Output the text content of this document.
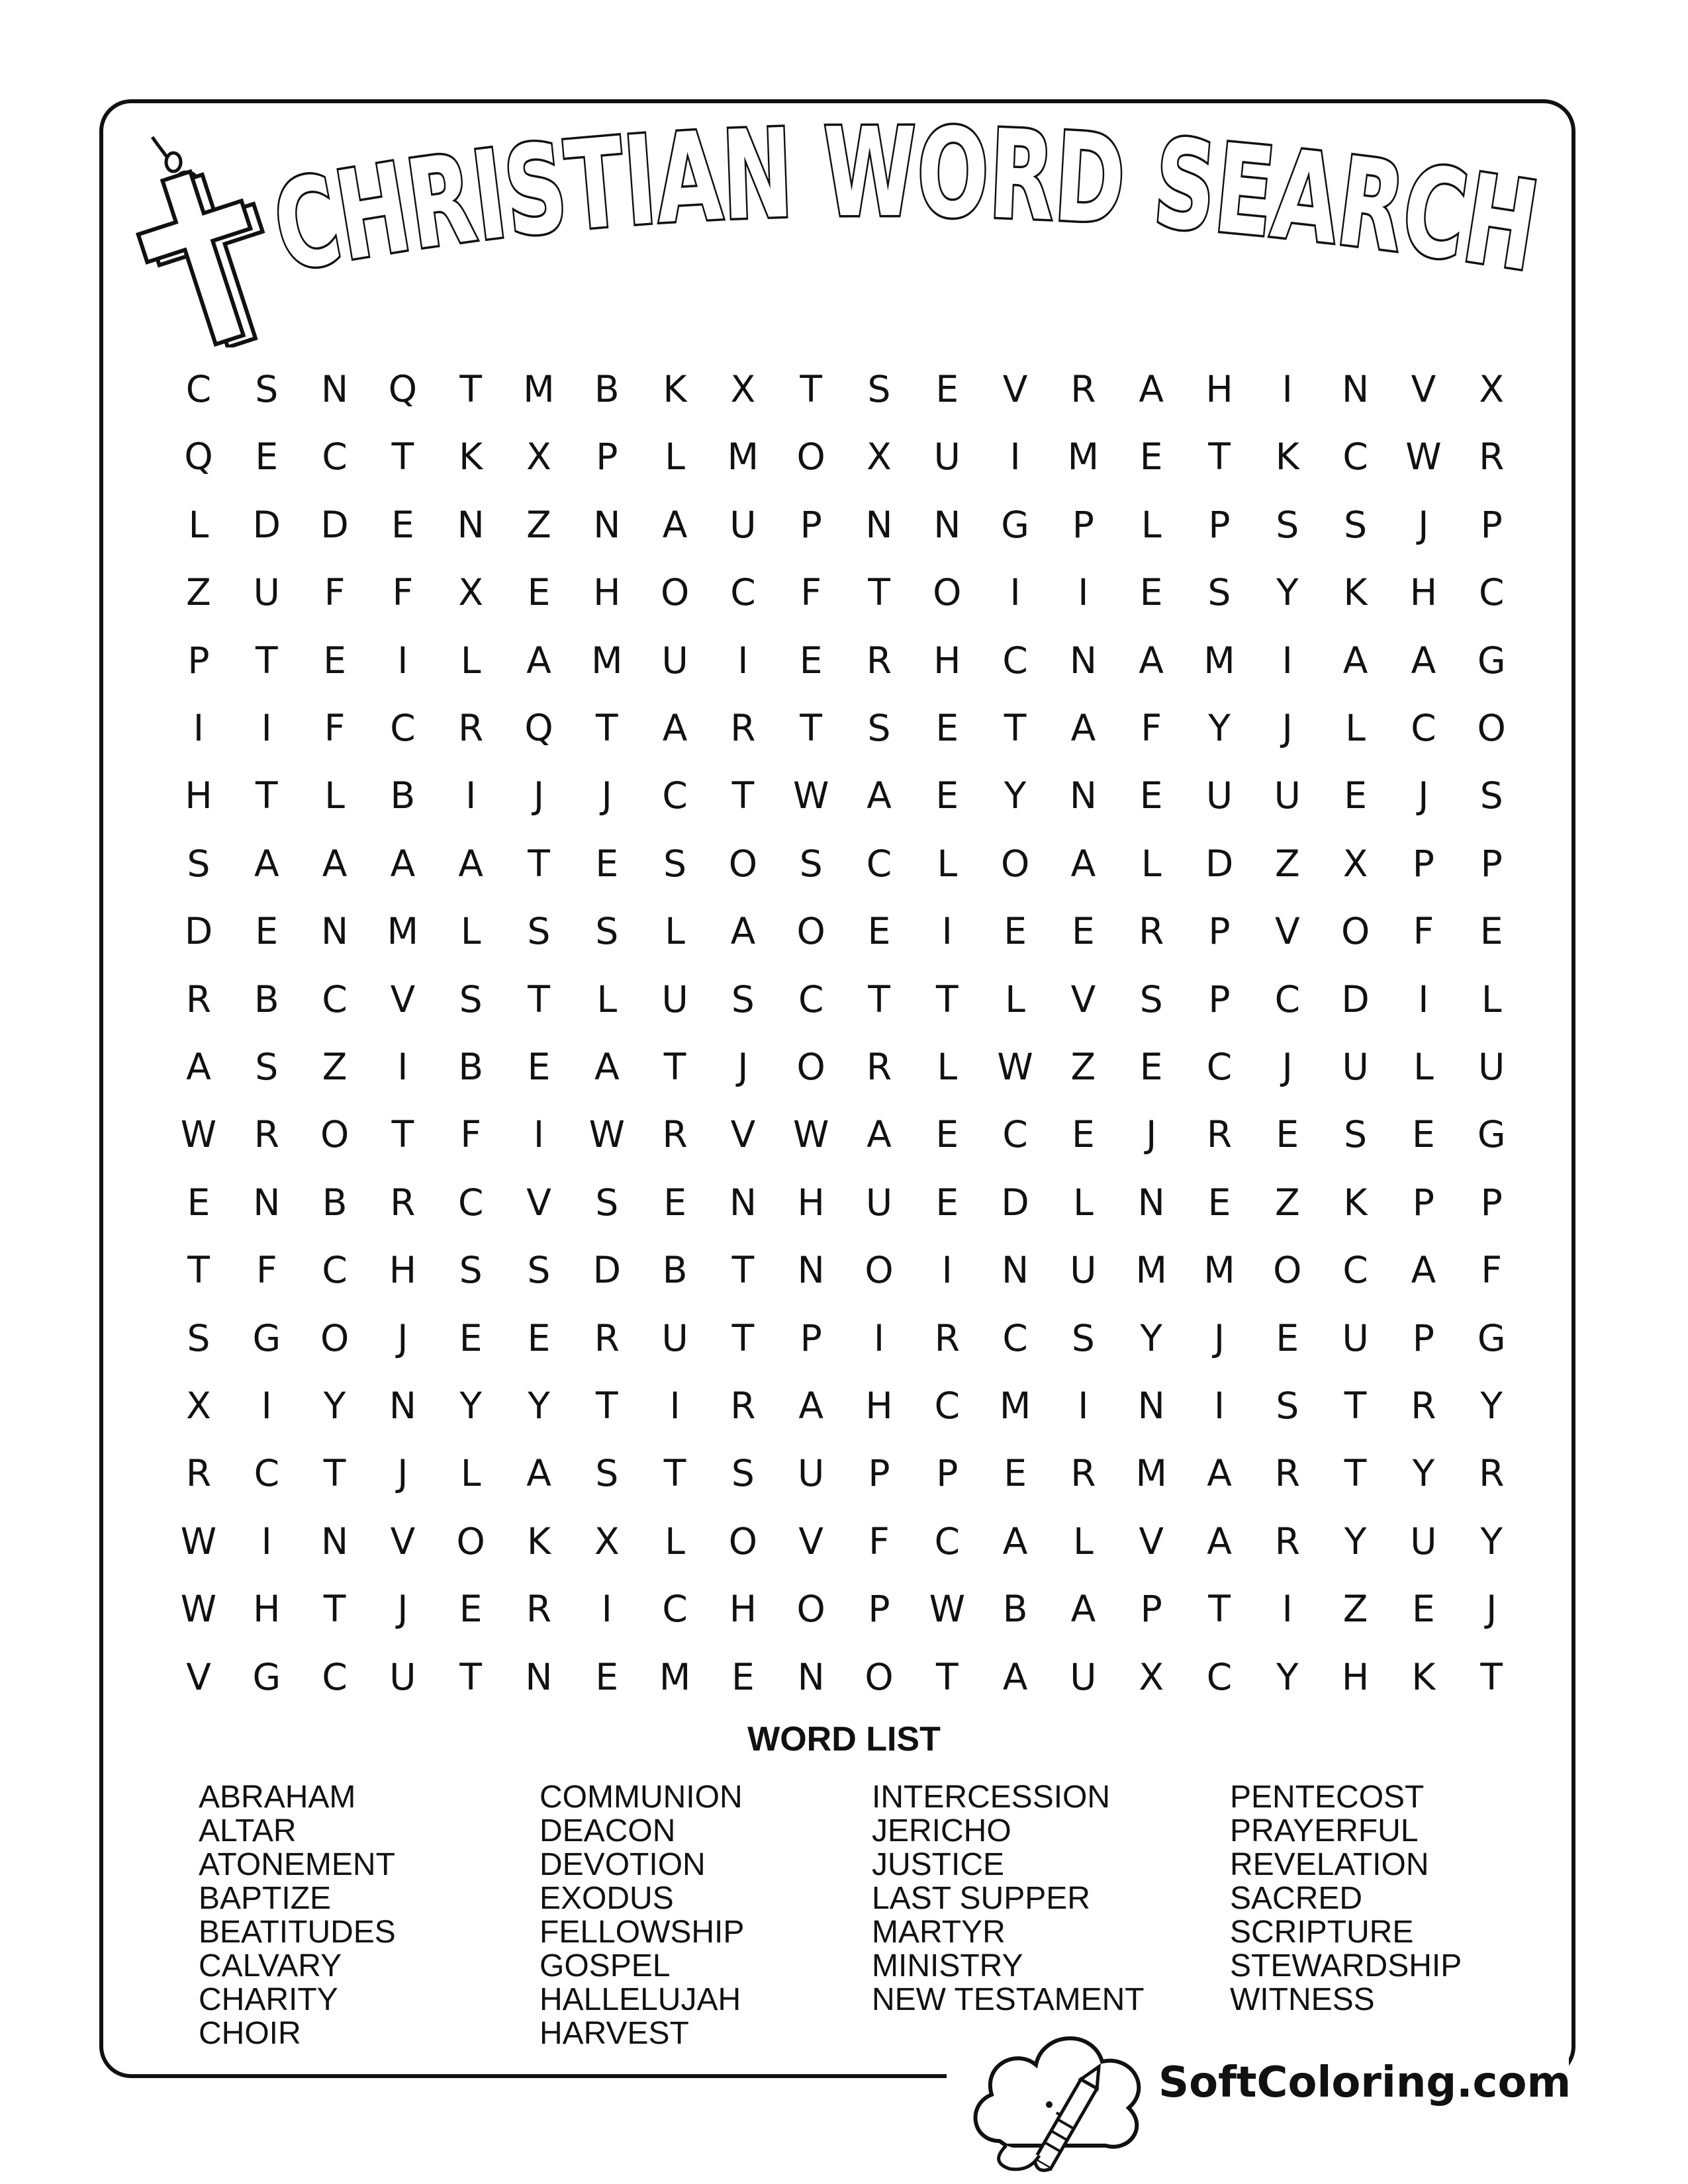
CHRISTIAN WORD SEARCH
C	S	N	Q	T	M	B	K	X	T	S	E	V	R	A	H	I	N	V	X
Q	E	C	T	K	X	P	L	M	O	X	U	I	M	E	T	K	C	W	R
L	D	D	E	N	Z	N	A	U	P	N	N	G	P	L	P	S	S	J	P
Z	U	F	F	X	E	H	O	C	F	T	O	I	I	E	S	Y	K	H	C
P	T	E	I	L	A	M	U	I	E	R	H	C	N	A	M	I	A	A	G
I	I	F	C	R	Q	T	A	R	T	S	E	T	A	F	Y	J	L	C	O
H	T	L	B	I	J	J	C	T	W	A	E	Y	N	E	U	U	E	J	S
S	A	A	A	A	T	E	S	O	S	C	L	O	A	L	D	Z	X	P	P
D	E	N	M	L	S	S	L	A	O	E	I	E	E	R	P	V	O	F	E
R	B	C	V	S	T	L	U	S	C	T	T	L	V	S	P	C	D	I	L
A	S	Z	I	B	E	A	T	J	O	R	L	W	Z	E	C	J	U	L	U
W	R	O	T	F	I	W	R	V	W	A	E	C	E	J	R	E	S	E	G
E	N	B	R	C	V	S	E	N	H	U	E	D	L	N	E	Z	K	P	P
T	F	C	H	S	S	D	B	T	N	O	I	N	U	M	M	O	C	A	F
S	G	O	J	E	E	R	U	T	P	I	R	C	S	Y	J	E	U	P	G
X	I	Y	N	Y	Y	T	I	R	A	H	C	M	I	N	I	S	T	R	Y
R	C	T	J	L	A	S	T	S	U	P	P	E	R	M	A	R	T	Y	R
W	I	N	V	O	K	X	L	O	V	F	C	A	L	V	A	R	Y	U	Y
W H	T	J	E	R	I	C	H	O	P	W	B	A	P	T	I	Z	E	J
V	G	C	U	T	N	E	M	E	N	O	T	A	U	X	C	Y	H	K	T
WORD LIST
ABRAHAM
ALTAR
ATONEMENT
BAPTIZE
BEATITUDES
CALVARY
CHARITY
CHOIR
COMMUNION
DEACON
DEVOTION
EXODUS
FELLOWSHIP
GOSPEL
HALLELUJAH
HARVEST
INTERCESSION
JERICHO
JUSTICE
LAST SUPPER
MARTYR
MINISTRY
NEW TESTAMENT
PENTECOST
PRAYERFUL
REVELATION
SACRED
SCRIPTURE
STEWARDSHIP
WITNESS
SoftColoring.com
